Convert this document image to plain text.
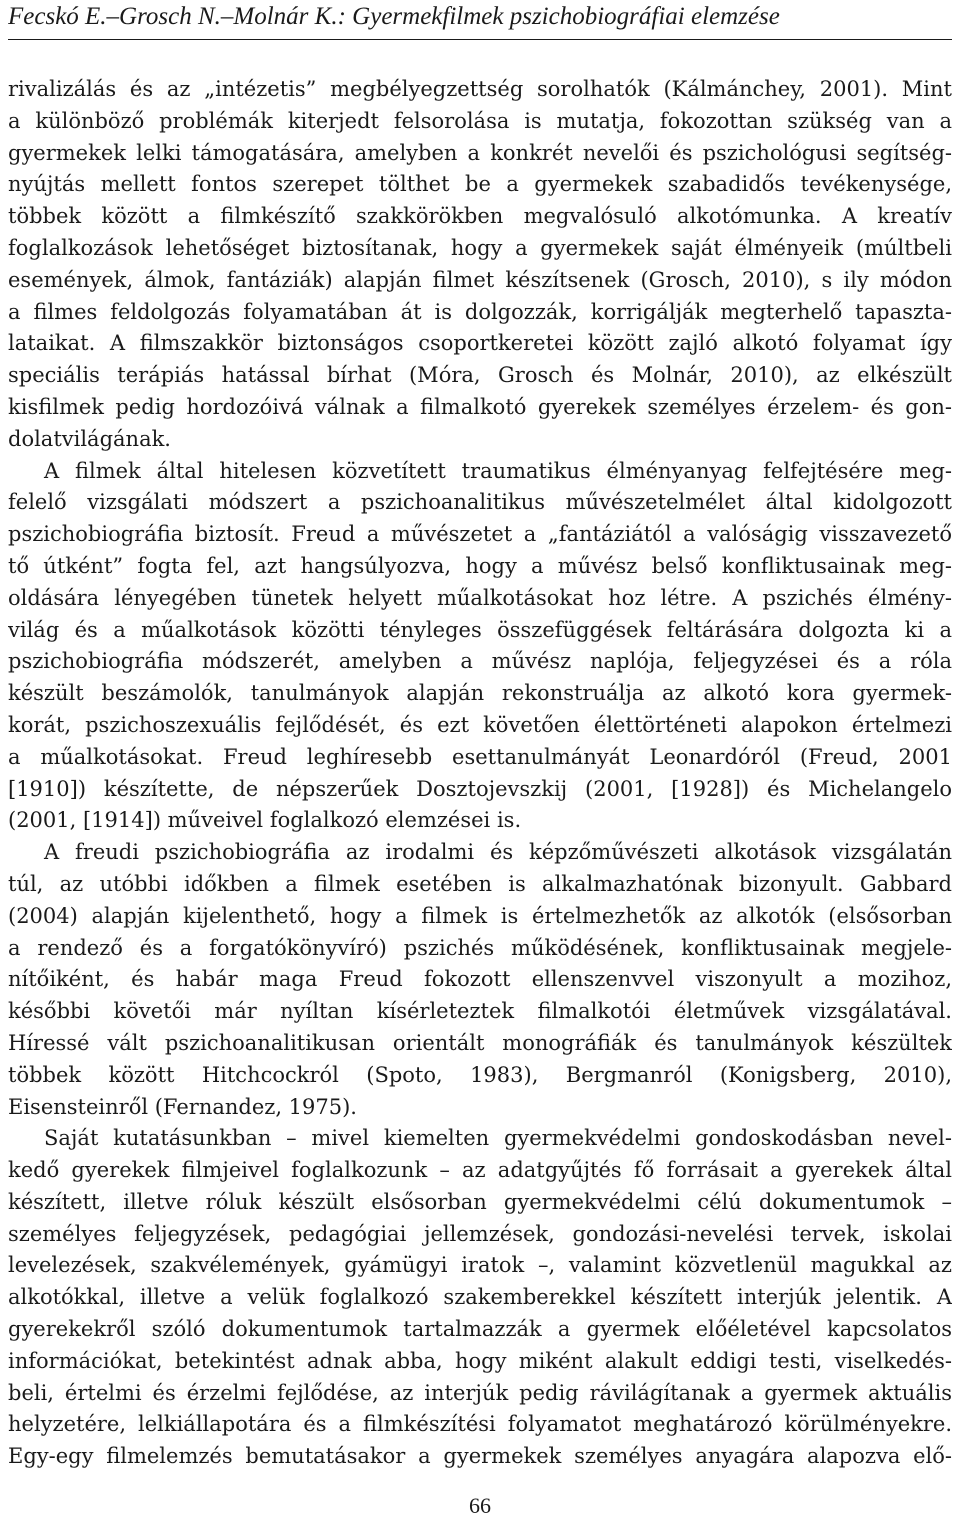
Fecskó E.–Grosch N.–Molnár K.: Gyermekfilmek pszichobiográfiai elemzése
rivalizálás és az „intézetis” megbélyegzettség sorolhatók (Kálmánchey, 2001). Mint
a különböző problémák kiterjedt felsorolása is mutatja, fokozottan szükség van a
gyermekek lelki támogatására, amelyben a konkrét nevelői és pszichológusi segítség-
nyújtás mellett fontos szerepet tölthet be a gyermekek szabadidős tevékenysége,
többek között a filmkészítő szakkörökben megvalósuló alkotómunka. A kreatív
foglalkozások lehetőséget biztosítanak, hogy a gyermekek saját élményeik (múltbeli
események, álmok, fantáziák) alapján filmet készítsenek (Grosch, 2010), s ily módon
a filmes feldolgozás folyamatában át is dolgozzák, korrigálják megterhelő tapaszta-
lataikat. A filmszakkör biztonságos csoportkeretei között zajló alkotó folyamat így
speciális terápiás hatással bírhat (Móra, Grosch és Molnár, 2010), az elkészült
kisfilmek pedig hordozóivá válnak a filmalkotó gyerekek személyes érzelem- és gon-
dolatvilágának.
A filmek által hitelesen közvetített traumatikus élményanyag felfejtésére meg-
felelő vizsgálati módszert a pszichoanalitikus művészetelmélet által kidolgozott
pszichobiográfia biztosít. Freud a művészetet a „fantáziától a valóságig visszavezető
tő útként” fogta fel, azt hangsúlyozva, hogy a művész belső konfliktusainak meg-
oldására lényegében tünetek helyett műalkotásokat hoz létre. A pszichés élmény-
világ és a műalkotások közötti tényleges összefüggések feltárására dolgozta ki a
pszichobiográfia módszerét, amelyben a művész naplója, feljegyzései és a róla
készült beszámolók, tanulmányok alapján rekonstruálja az alkotó kora gyermek-
korát, pszichoszexuális fejlődését, és ezt követően élettörténeti alapokon értelmezi
a műalkotásokat. Freud leghíresebb esettanulmányát Leonardóról (Freud, 2001
[1910]) készítette, de népszerűek Dosztojevszkij (2001, [1928]) és Michelangelo
(2001, [1914]) műveivel foglalkozó elemzései is.
A freudi pszichobiográfia az irodalmi és képzőművészeti alkotások vizsgálatán
túl, az utóbbi időkben a filmek esetében is alkalmazhatónak bizonyult. Gabbard
(2004) alapján kijelenthető, hogy a filmek is értelmezhetők az alkotók (elsősorban
a rendező és a forgatókönyvíró) pszichés működésének, konfliktusainak megjele-
nítőiként, és habár maga Freud fokozott ellenszenvvel viszonyult a mozihoz,
későbbi követői már nyíltan kísérleteztek filmalkotói életművek vizsgálatával.
Híressé vált pszichoanalitikusan orientált monográfiák és tanulmányok készültek
többek között Hitchcockról (Spoto, 1983), Bergmanról (Konigsberg, 2010),
Eisensteinről (Fernandez, 1975).
Saját kutatásunkban – mivel kiemelten gyermekvédelmi gondoskodásban nevel-
kedő gyerekek filmjeivel foglalkozunk – az adatgyűjtés fő forrásait a gyerekek által
készített, illetve róluk készült elsősorban gyermekvédelmi célú dokumentumok –
személyes feljegyzések, pedagógiai jellemzések, gondozási-nevelési tervek, iskolai
levelezések, szakvélemények, gyámügyi iratok –, valamint közvetlenül magukkal az
alkotókkal, illetve a velük foglalkozó szakemberekkel készített interjúk jelentik. A
gyerekekről szóló dokumentumok tartalmazzák a gyermek előéletével kapcsolatos
információkat, betekintést adnak abba, hogy miként alakult eddigi testi, viselkedés-
beli, értelmi és érzelmi fejlődése, az interjúk pedig rávilágítanak a gyermek aktuális
helyzetére, lelkiállapotára és a filmkészítési folyamatot meghatározó körülményekre.
Egy-egy filmelemzés bemutatásakor a gyermekek személyes anyagára alapozva elő-
66
